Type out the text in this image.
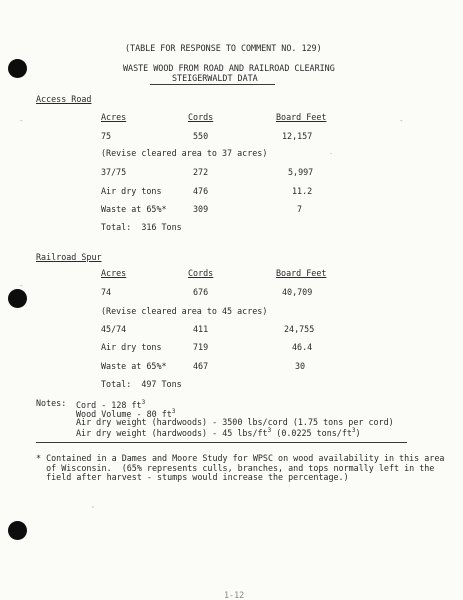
(TABLE FOR RESPONSE TO COMMENT NO. 129)
WASTE WOOD FROM ROAD AND RAILROAD CLEARING
STEIGERWALDT DATA
Access Road
Acres	Cords	Board Feet
75	550	12,157
(Revise cleared area to 37 acres)
37/75	272	5,997
Air dry tons	476	11.2
Waste at 65%*	309	7
Total:  316 Tons
Railroad Spur
Acres	Cords	Board Feet
74	676	40,709
(Revise cleared area to 45 acres)
45/74	411	24,755
Air dry tons	719	46.4
Waste at 65%*	467	30
Total:  497 Tons
Notes: Cord - 128 $ft^3$
Wood Volume - 80 $ft^3$
Air dry weight (hardwoods) - 3500 lbs/cord (1.75 tons per cord)
Air dry weight (hardwoods) - 45 lbs/$ft^3$ (0.0225 tons/$ft^3$)
* Contained in a Dames and Moore Study for WPSC on wood availability in this area
of Wisconsin.  (65% represents culls, branches, and tops normally left in the
field after harvest - stumps would increase the percentage.)
1-12
-	-
·
-
'
